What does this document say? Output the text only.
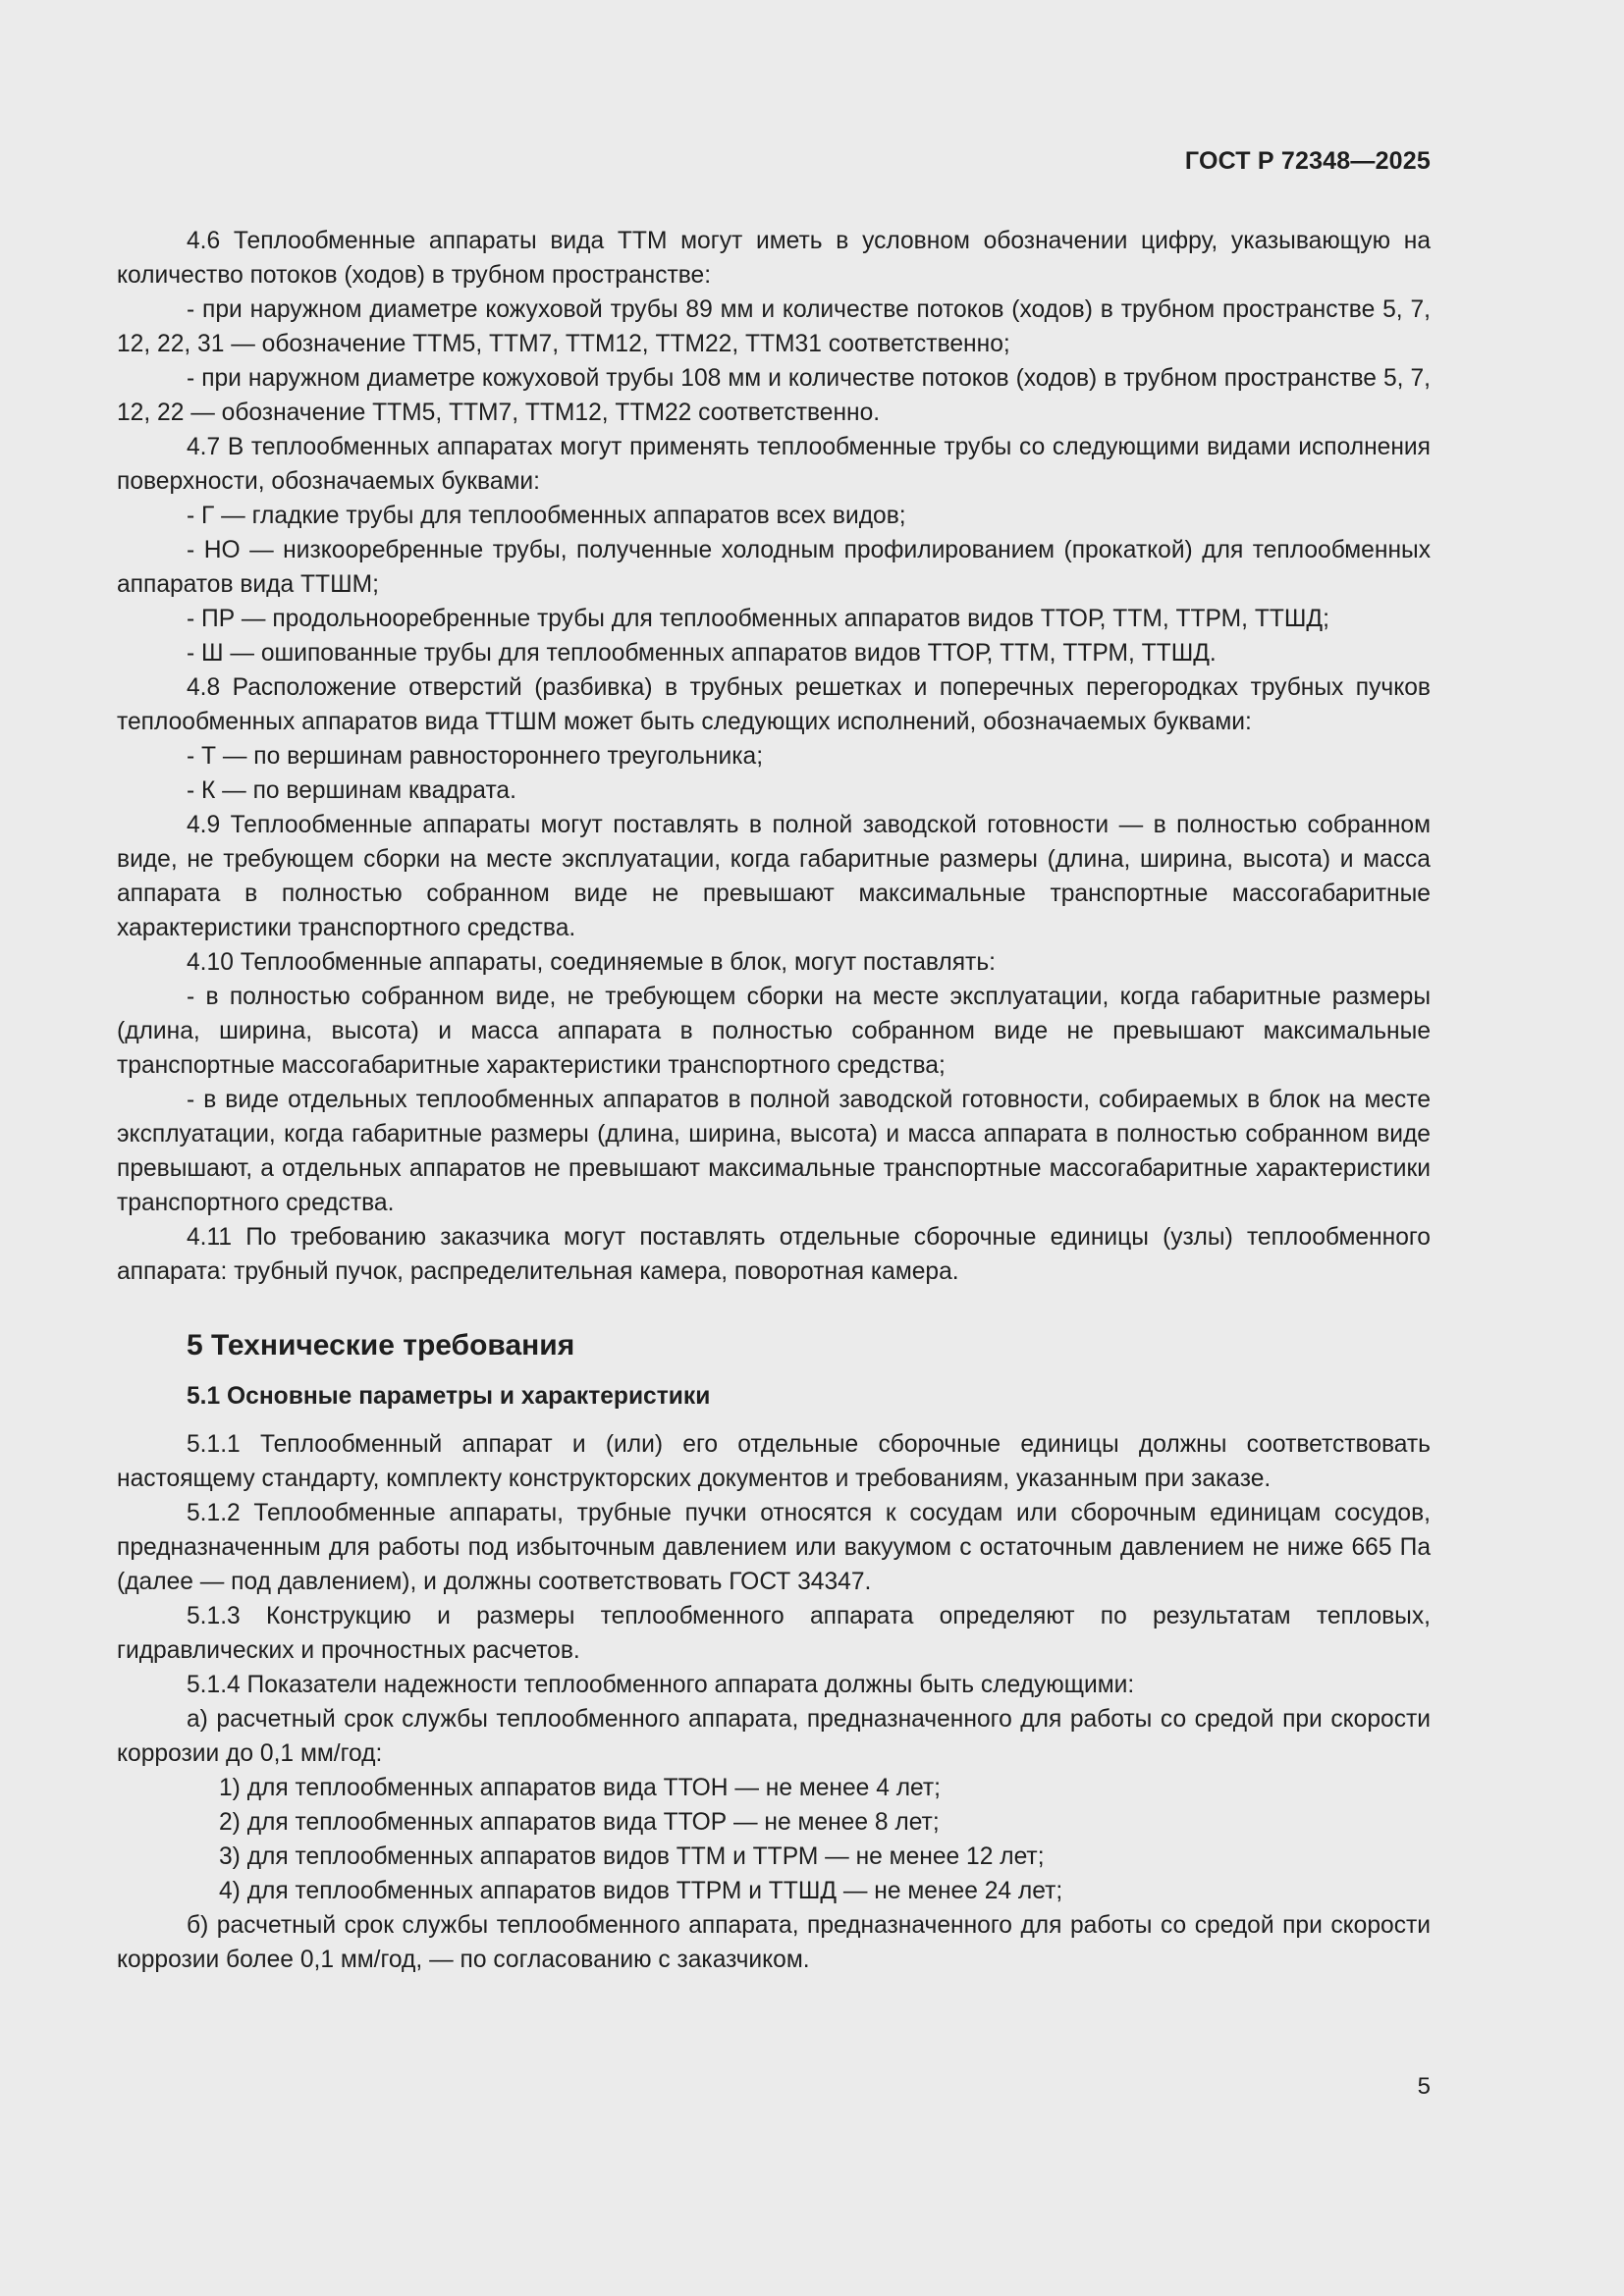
ГОСТ Р 72348—2025

4.6 Теплообменные аппараты вида ТТМ могут иметь в условном обозначении цифру, указывающую на количество потоков (ходов) в трубном пространстве:

- при наружном диаметре кожуховой трубы 89 мм и количестве потоков (ходов) в трубном пространстве 5, 7, 12, 22, 31 — обозначение ТТМ5, ТТМ7, ТТМ12, ТТМ22, ТТМ31 соответственно;

- при наружном диаметре кожуховой трубы 108 мм и количестве потоков (ходов) в трубном пространстве 5, 7, 12, 22 — обозначение ТТМ5, ТТМ7, ТТМ12, ТТМ22 соответственно.

4.7 В теплообменных аппаратах могут применять теплообменные трубы со следующими видами исполнения поверхности, обозначаемых буквами:

- Г — гладкие трубы для теплообменных аппаратов всех видов;

- НО — низкооребренные трубы, полученные холодным профилированием (прокаткой) для теплообменных аппаратов вида ТТШМ;

- ПР — продольнооребренные трубы для теплообменных аппаратов видов ТТОР, ТТМ, ТТРМ, ТТШД;

- Ш — ошипованные трубы для теплообменных аппаратов видов ТТОР, ТТМ, ТТРМ, ТТШД.

4.8 Расположение отверстий (разбивка) в трубных решетках и поперечных перегородках трубных пучков теплообменных аппаратов вида ТТШМ может быть следующих исполнений, обозначаемых буквами:

- Т — по вершинам равностороннего треугольника;

- К — по вершинам квадрата.

4.9 Теплообменные аппараты могут поставлять в полной заводской готовности — в полностью собранном виде, не требующем сборки на месте эксплуатации, когда габаритные размеры (длина, ширина, высота) и масса аппарата в полностью собранном виде не превышают максимальные транспортные массогабаритные характеристики транспортного средства.

4.10 Теплообменные аппараты, соединяемые в блок, могут поставлять:

- в полностью собранном виде, не требующем сборки на месте эксплуатации, когда габаритные размеры (длина, ширина, высота) и масса аппарата в полностью собранном виде не превышают максимальные транспортные массогабаритные характеристики транспортного средства;

- в виде отдельных теплообменных аппаратов в полной заводской готовности, собираемых в блок на месте эксплуатации, когда габаритные размеры (длина, ширина, высота) и масса аппарата в полностью собранном виде превышают, а отдельных аппаратов не превышают максимальные транспортные массогабаритные характеристики транспортного средства.

4.11 По требованию заказчика могут поставлять отдельные сборочные единицы (узлы) теплообменного аппарата: трубный пучок, распределительная камера, поворотная камера.

5 Технические требования
5.1 Основные параметры и характеристики

5.1.1 Теплообменный аппарат и (или) его отдельные сборочные единицы должны соответствовать настоящему стандарту, комплекту конструкторских документов и требованиям, указанным при заказе.

5.1.2 Теплообменные аппараты, трубные пучки относятся к сосудам или сборочным единицам сосудов, предназначенным для работы под избыточным давлением или вакуумом с остаточным давлением не ниже 665 Па (далее — под давлением), и должны соответствовать ГОСТ 34347.

5.1.3 Конструкцию и размеры теплообменного аппарата определяют по результатам тепловых, гидравлических и прочностных расчетов.

5.1.4 Показатели надежности теплообменного аппарата должны быть следующими:

а) расчетный срок службы теплообменного аппарата, предназначенного для работы со средой при скорости коррозии до 0,1 мм/год:

1) для теплообменных аппаратов вида ТТОН — не менее 4 лет;

2) для теплообменных аппаратов вида ТТОР — не менее 8 лет;

3) для теплообменных аппаратов видов ТТМ и ТТРМ — не менее 12 лет;

4) для теплообменных аппаратов видов ТТРМ и ТТШД — не менее 24 лет;

б) расчетный срок службы теплообменного аппарата, предназначенного для работы со средой при скорости коррозии более 0,1 мм/год, — по согласованию с заказчиком.

5
